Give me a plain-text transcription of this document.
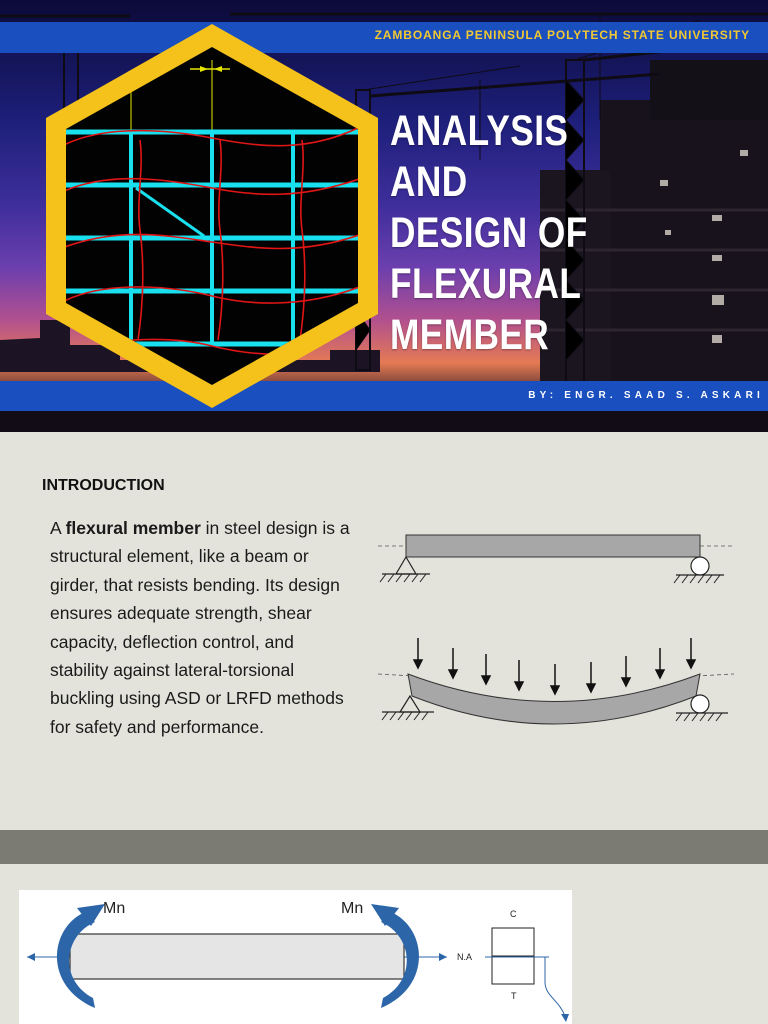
ZAMBOANGA PENINSULA POLYTECH STATE UNIVERSITY
BY: ENGR. SAAD S. ASKARI
ANALYSIS AND
DESIGN OF
FLEXURAL
MEMBER
INTRODUCTION

A flexural member in steel design is a structural element, like a beam or girder, that resists bending. Its design ensures adequate strength, shear capacity, deflection control, and stability against lateral-torsional buckling using ASD or LRFD methods for safety and performance.

Mn	Mn
N.A
C
T
